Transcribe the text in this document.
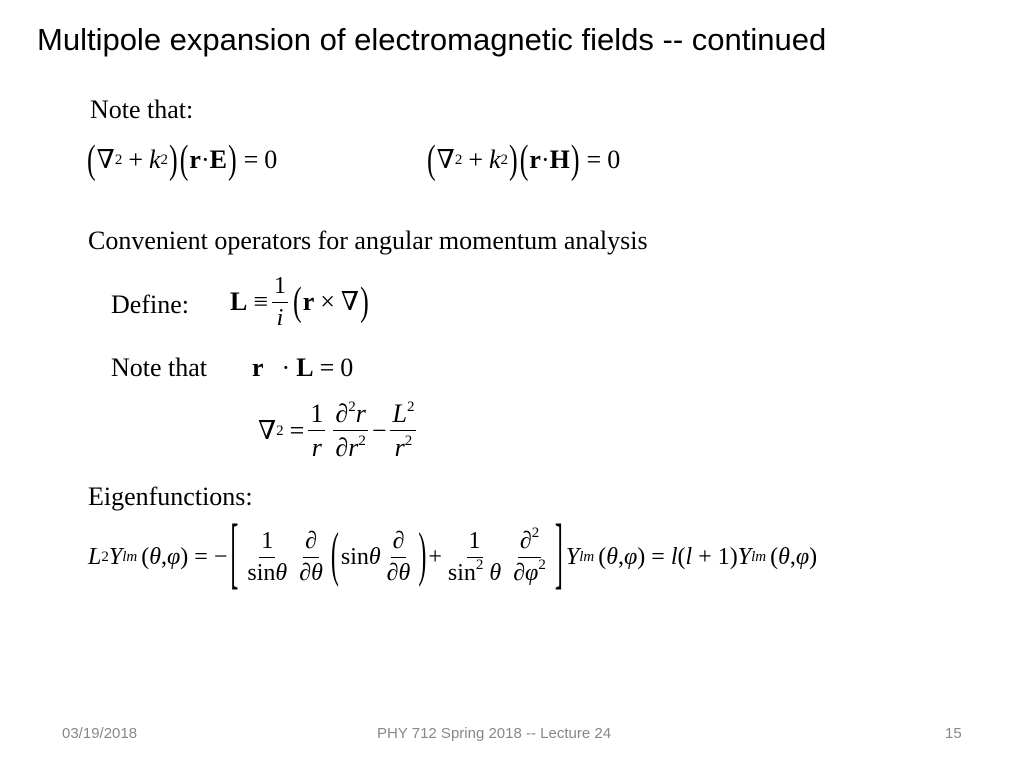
Multipole expansion of electromagnetic fields -- continued
Note that:
( ∇ 2 + k 2 ) ( r · E ) = 0	( ∇ 2 + k 2 ) ( r · H ) = 0
Convenient operators for angular momentum analysis
Define: $L \equiv \frac{1}{i}$ ( r × ∇ )
Note that r · L = 0
∇ $2 = \frac{1}{r} \frac{\partial^2r}{\partial r^2} - \frac{L^2}{r^2}$
Eigenfunctions:
L 2 Y lm (θ,φ) = − [ $\frac{1}{\sin\theta} \frac{\partial}{\partial\theta}$ ( sin θ $\frac{\partial}{\partial\theta}$ ) + $\frac{1}{\sin^2 \theta} \frac{\partial^2}{\partial\varphi^2}$ ] Y lm (θ,φ) = l ( l + 1) Y lm (θ,φ)
03/19/2018	PHY 712 Spring 2018 -- Lecture 24	15
